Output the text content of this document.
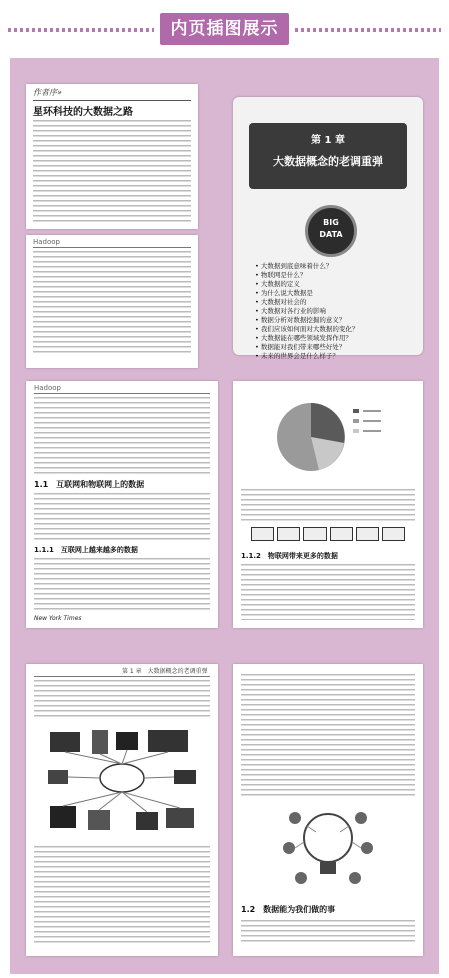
内页插图展示
作者序»
星环科技的大数据之路
Hadoop
第 1 章
大数据概念的老调重弹
BIG
DATA
• 大数据到底意味着什么？
• 物联网是什么？
• 大数据的定义
• 为什么说大数据是
• 大数据对社会的
• 大数据对各行业的影响
• 数据分析对数据挖掘的意义？
• 我们应该如何面对大数据的变化？
• 大数据能在哪些领域发挥作用？
• 数据能对我们带来哪些好处？
• 未来的世界会是什么样子？
Hadoop
1.1　互联网和物联网上的数据
1.1.1　互联网上越来越多的数据
New York Times
1.1.2　物联网带来更多的数据
第 1 章　大数据概念的老调重弹
1.2　数据能为我们做的事
